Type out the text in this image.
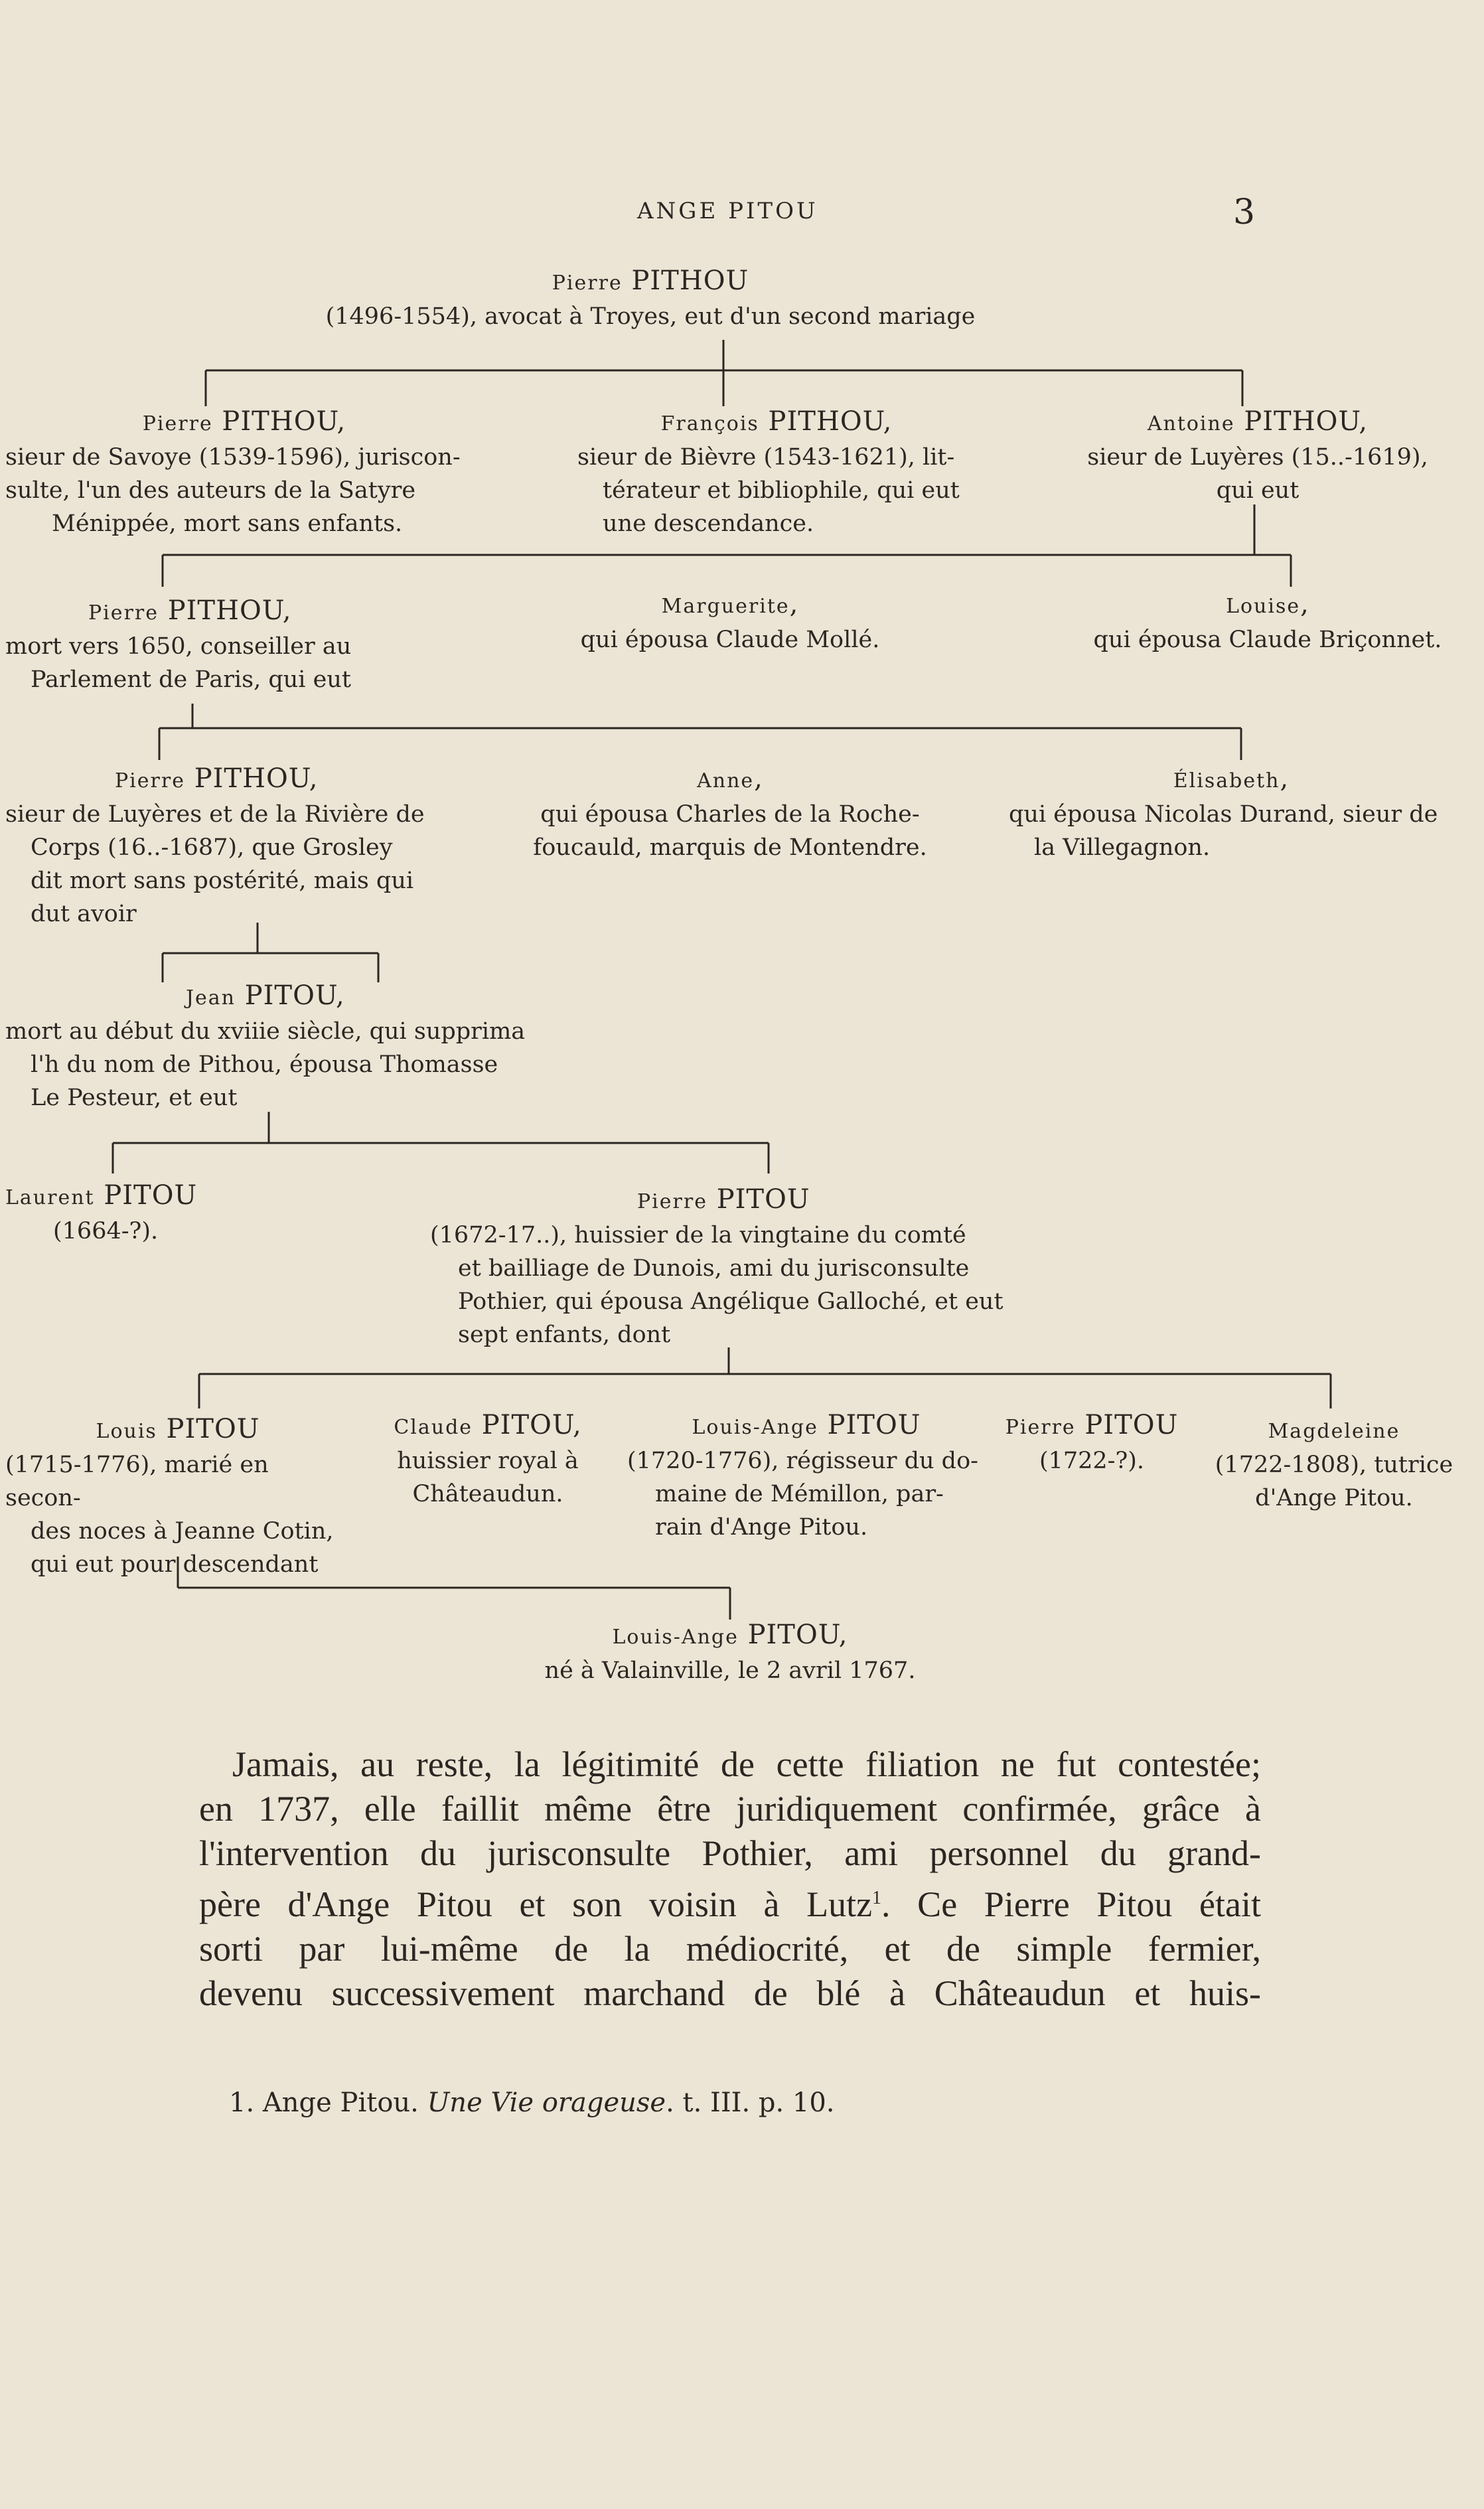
ANGE PITOU	3
Pierre PITHOU
(1496-1554), avocat à Troyes, eut d'un second mariage
Pierre PITHOU,
sieur de Savoye (1539-1596), juriscon-
sulte, l'un des auteurs de la Satyre
Ménippée, mort sans enfants.
François PITHOU,
sieur de Bièvre (1543-1621), lit-
térateur et bibliophile, qui eut
une descendance.
Antoine PITHOU,
sieur de Luyères (15..-1619),
qui eut
Pierre PITHOU,
mort vers 1650, conseiller au
Parlement de Paris, qui eut
Marguerite,
qui épousa Claude Mollé.
Louise,
qui épousa Claude Briçonnet.
Pierre PITHOU,
sieur de Luyères et de la Rivière de
Corps (16..-1687), que Grosley
dit mort sans postérité, mais qui
dut avoir
Anne,
qui épousa Charles de la Roche-
foucauld, marquis de Montendre.
Élisabeth,
qui épousa Nicolas Durand, sieur de
la Villegagnon.
Jean PITOU,
mort au début du xviiie siècle, qui supprima
l'h du nom de Pithou, épousa Thomasse
Le Pesteur, et eut
Laurent PITOU
(1664-?).
Pierre PITOU
(1672-17..), huissier de la vingtaine du comté
et bailliage de Dunois, ami du jurisconsulte
Pothier, qui épousa Angélique Galloché, et eut
sept enfants, dont
Louis PITOU
(1715-1776), marié en secon-
des noces à Jeanne Cotin,
qui eut pour descendant
Claude PITOU,
huissier royal à
Châteaudun.
Louis-Ange PITOU
(1720-1776), régisseur du do-
maine de Mémillon, par-
rain d'Ange Pitou.
Pierre PITOU
(1722-?).
Magdeleine
(1722-1808), tutrice
d'Ange Pitou.
Louis-Ange PITOU,
né à Valainville, le 2 avril 1767.

Jamais, au reste, la légitimité de cette filiation ne fut contestée;

en 1737, elle faillit même être juridiquement confirmée, grâce à

l'intervention du jurisconsulte Pothier, ami personnel du grand-

père d'Ange Pitou et son voisin à Lutz$^1$. Ce Pierre Pitou était

sorti par lui-même de la médiocrité, et de simple fermier,

devenu successivement marchand de blé à Châteaudun et huis-

1. Ange Pitou. Une Vie orageuse. t. III. p. 10.
